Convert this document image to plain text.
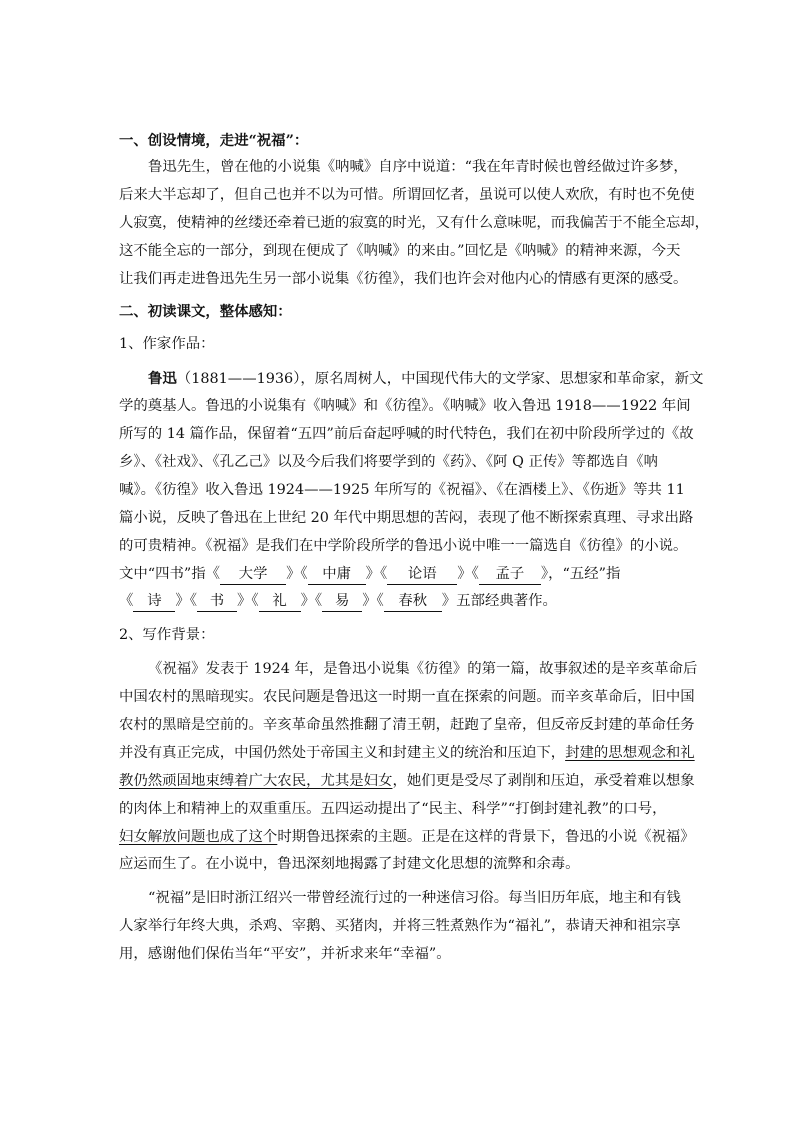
一、创设情境，走进“祝福”：
鲁迅先生，曾在他的小说集《呐喊》自序中说道：“我在年青时候也曾经做过许多梦，
后来大半忘却了，但自己也并不以为可惜。所谓回忆者，虽说可以使人欢欣，有时也不免使
人寂寞，使精神的丝缕还牵着已逝的寂寞的时光，又有什么意味呢，而我偏苦于不能全忘却，
这不能全忘的一部分，到现在便成了《呐喊》的来由。”回忆是《呐喊》的精神来源，今天
让我们再走进鲁迅先生另一部小说集《彷徨》，我们也许会对他内心的情感有更深的感受。
二、初读课文，整体感知：
1、作家作品：
鲁迅（1881——1936），原名周树人，中国现代伟大的文学家、思想家和革命家，新文
学的奠基人。鲁迅的小说集有《呐喊》和《彷徨》。《呐喊》收入鲁迅 1918——1922 年间
所写的 14 篇作品，保留着“五四”前后奋起呼喊的时代特色，我们在初中阶段所学过的《故
乡》、《社戏》、《孔乙己》以及今后我们将要学到的《药》、《阿 Q 正传》等都选自《呐
喊》。《彷徨》收入鲁迅 1924——1925 年所写的《祝福》、《在酒楼上》、《伤逝》等共 11
篇小说，反映了鲁迅在上世纪 20 年代中期思想的苦闷，表现了他不断探索真理、寻求出路
的可贵精神。《祝福》是我们在中学阶段所学的鲁迅小说中唯一一篇选自《彷徨》的小说。
文中“四书”指《 大学 》《 中庸 》《 论语 》《 孟子 》，“五经”指
《 诗 》《 书 》《 礼 》《 易 》《 春秋 》五部经典著作。
2、写作背景：
《祝福》发表于 1924 年，是鲁迅小说集《彷徨》的第一篇，故事叙述的是辛亥革命后
中国农村的黑暗现实。农民问题是鲁迅这一时期一直在探索的问题。而辛亥革命后，旧中国
农村的黑暗是空前的。辛亥革命虽然推翻了清王朝，赶跑了皇帝，但反帝反封建的革命任务
并没有真正完成，中国仍然处于帝国主义和封建主义的统治和压迫下，封建的思想观念和礼
教仍然顽固地束缚着广大农民，尤其是妇女，她们更是受尽了剥削和压迫，承受着难以想象
的肉体上和精神上的双重重压。五四运动提出了“民主、科学”“打倒封建礼教”的口号，
妇女解放问题也成了这个时期鲁迅探索的主题。正是在这样的背景下，鲁迅的小说《祝福》
应运而生了。在小说中，鲁迅深刻地揭露了封建文化思想的流弊和余毒。
“祝福”是旧时浙江绍兴一带曾经流行过的一种迷信习俗。每当旧历年底，地主和有钱
人家举行年终大典，杀鸡、宰鹅、买猪肉，并将三牲煮熟作为“福礼”，恭请天神和祖宗享
用，感谢他们保佑当年“平安”，并祈求来年“幸福”。
